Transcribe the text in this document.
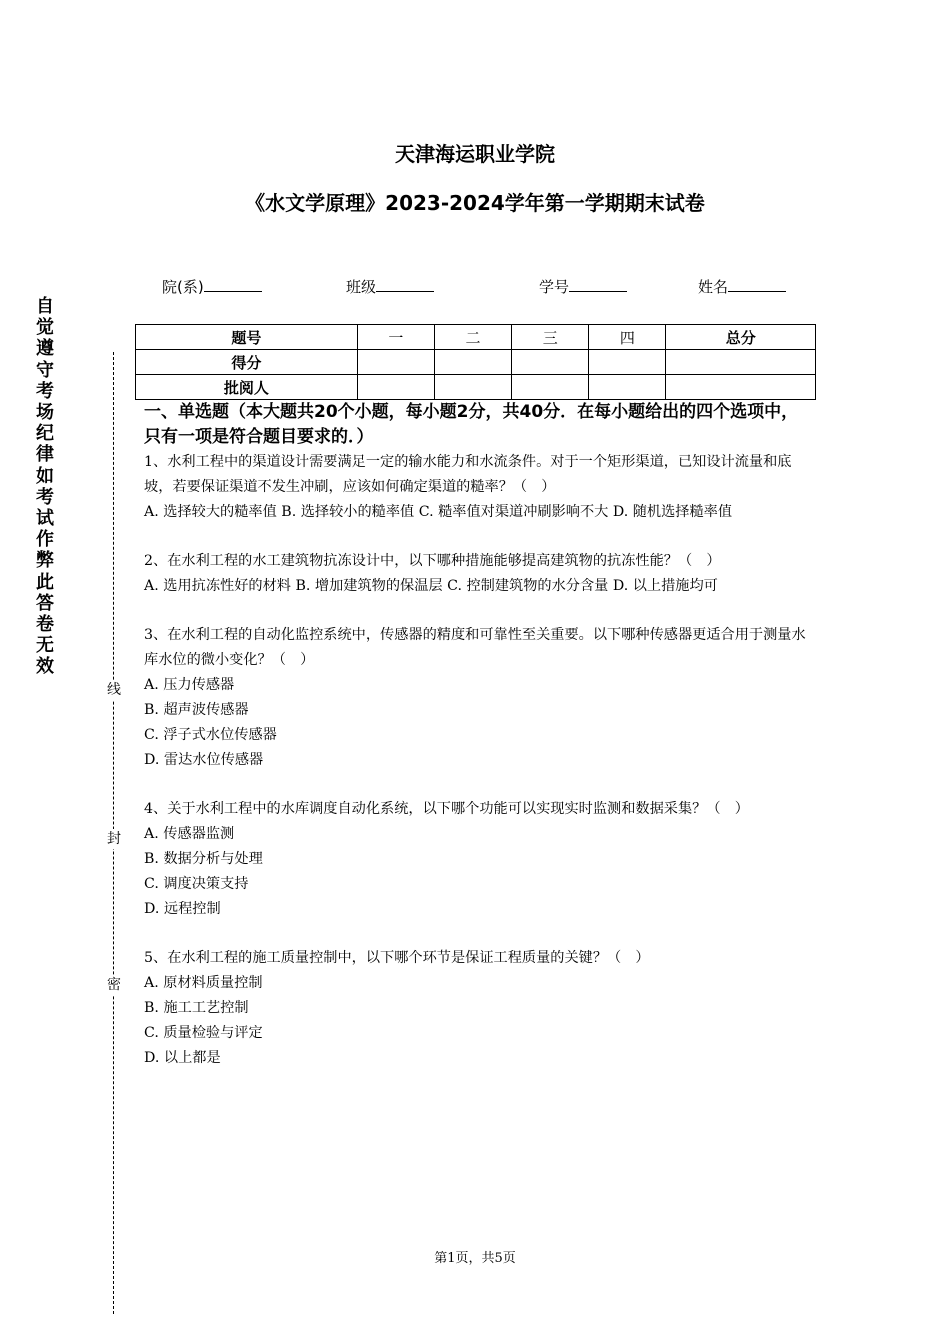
自觉遵守考场纪律如考试作弊此答卷无效
线
封
密
天津海运职业学院
《水文学原理》2023-2024学年第一学期期末试卷
院(系)	班级	学号	姓名
题号	一	二	三	四	总分
得分					
批阅人					

一、单选题（本大题共20个小题，每小题2分，共40分．在每小题给出的四个选项中，只有一项是符合题目要求的．）

1、水利工程中的渠道设计需要满足一定的输水能力和水流条件。对于一个矩形渠道，已知设计流量和底坡，若要保证渠道不发生冲刷，应该如何确定渠道的糙率？（　）

A. 选择较大的糙率值 B. 选择较小的糙率值 C. 糙率值对渠道冲刷影响不大 D. 随机选择糙率值

2、在水利工程的水工建筑物抗冻设计中，以下哪种措施能够提高建筑物的抗冻性能？（　）

A. 选用抗冻性好的材料 B. 增加建筑物的保温层 C. 控制建筑物的水分含量 D. 以上措施均可

3、在水利工程的自动化监控系统中，传感器的精度和可靠性至关重要。以下哪种传感器更适合用于测量水库水位的微小变化？（　）

A. 压力传感器

B. 超声波传感器

C. 浮子式水位传感器

D. 雷达水位传感器

4、关于水利工程中的水库调度自动化系统，以下哪个功能可以实现实时监测和数据采集？（　）

A. 传感器监测

B. 数据分析与处理

C. 调度决策支持

D. 远程控制

5、在水利工程的施工质量控制中，以下哪个环节是保证工程质量的关键？（　）

A. 原材料质量控制

B. 施工工艺控制

C. 质量检验与评定

D. 以上都是

第1页，共5页
